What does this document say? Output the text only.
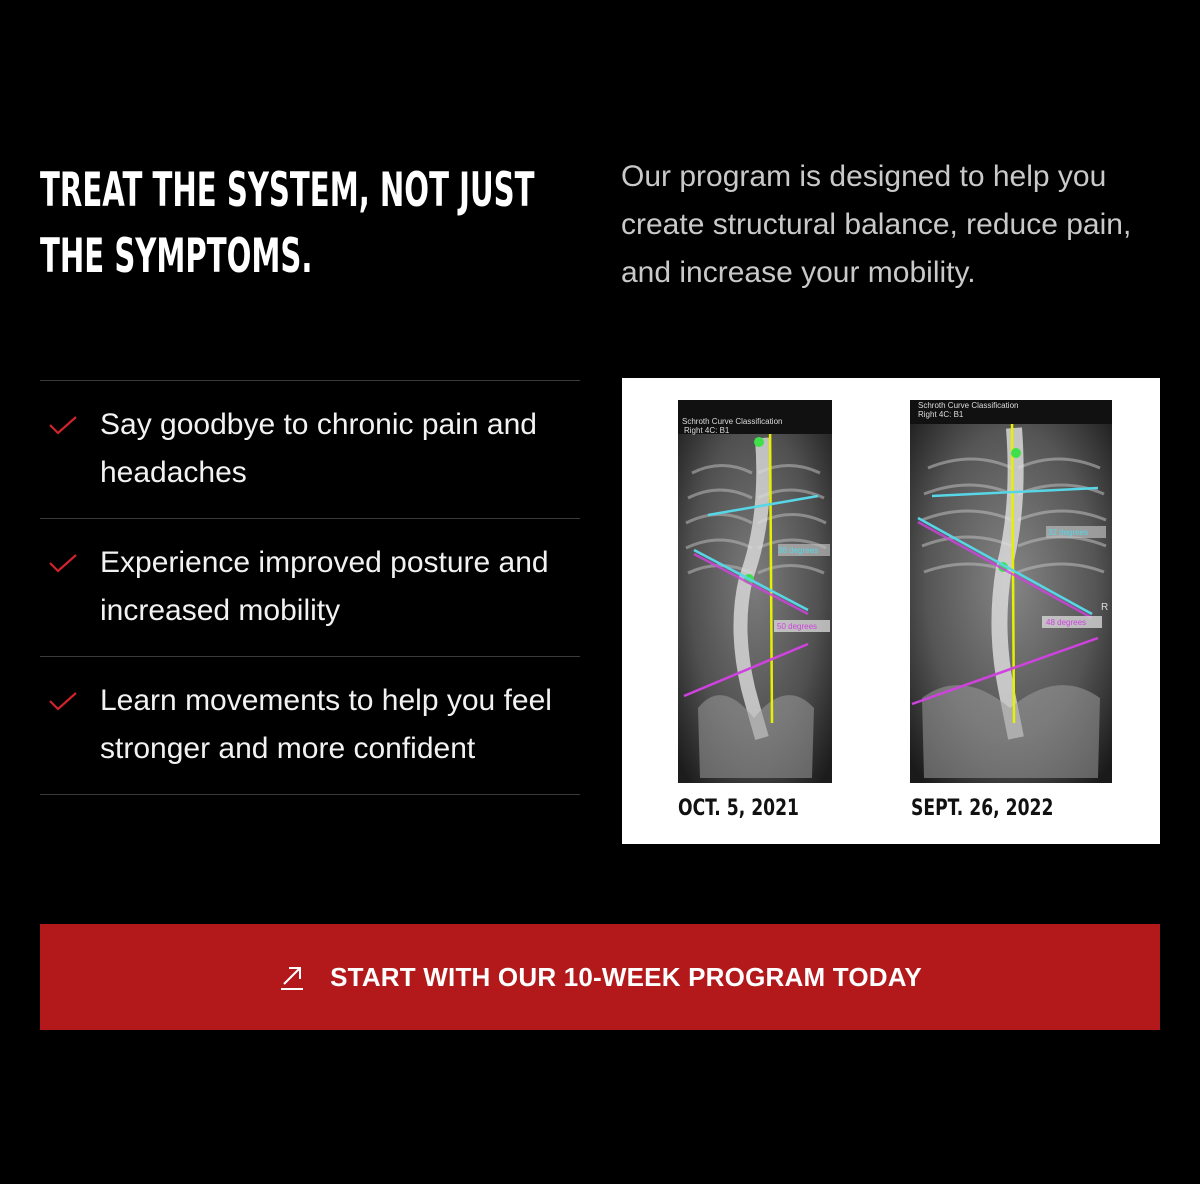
TREAT THE SYSTEM, NOT JUST
THE SYMPTOMS.

Our program is designed to help you create structural balance, reduce pain, and increase your mobility.

Say goodbye to chronic pain and headaches
Experience improved posture and increased mobility
Learn movements to help you feel stronger and more confident
Schroth Curve Classification
Right 4C: B1
36 degrees
50 degrees
Schroth Curve Classification
Right 4C: B1
32 degrees
48 degrees
R
OCT. 5, 2021	SEPT. 26, 2022
START WITH OUR 10-WEEK PROGRAM TODAY
